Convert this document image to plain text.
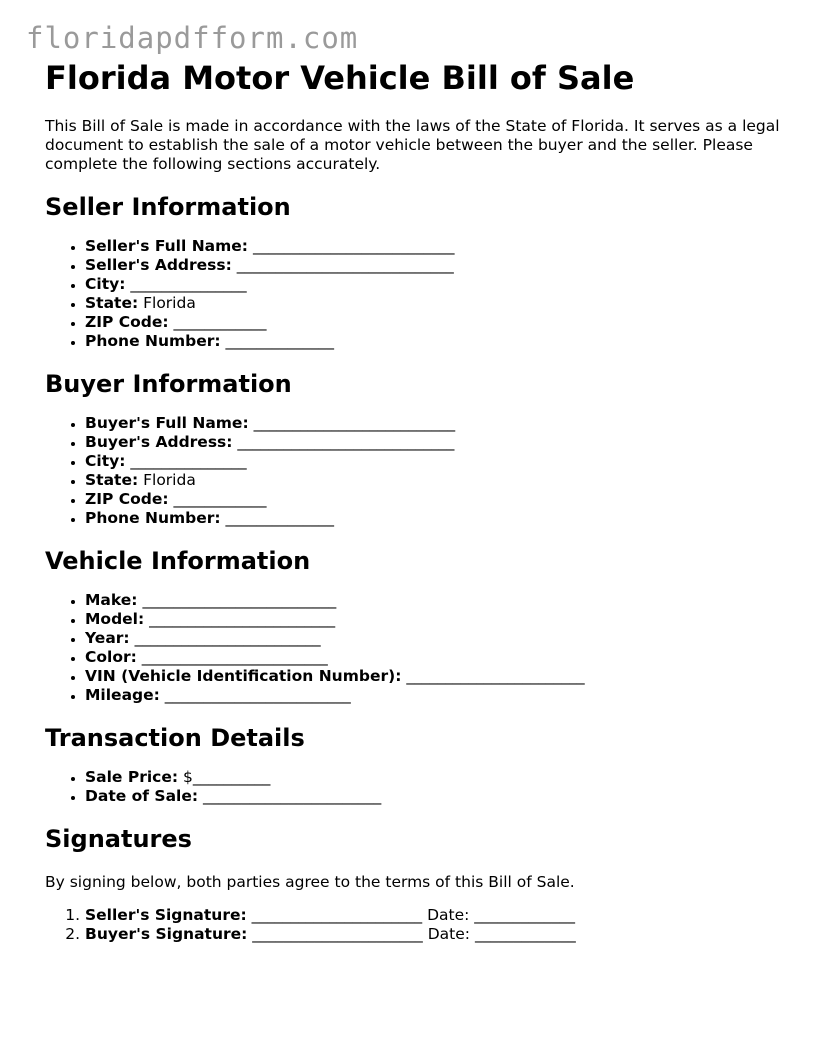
floridapdfform.com
Florida Motor Vehicle Bill of Sale

This Bill of Sale is made in accordance with the laws of the State of Florida. It serves as a legal document to establish the sale of a motor vehicle between the buyer and the seller. Please complete the following sections accurately.

Seller Information
• Seller's Full Name: __________________________
• Seller's Address: ____________________________
• City: _______________
• State: Florida
• ZIP Code: ____________
• Phone Number: ______________
Buyer Information
• Buyer's Full Name: __________________________
• Buyer's Address: ____________________________
• City: _______________
• State: Florida
• ZIP Code: ____________
• Phone Number: ______________
Vehicle Information
• Make: _________________________
• Model: ________________________
• Year: ________________________
• Color: ________________________
• VIN (Vehicle Identification Number): _______________________
• Mileage: ________________________
Transaction Details
• Sale Price: $__________
• Date of Sale: _______________________
Signatures

By signing below, both parties agree to the terms of this Bill of Sale.

1. Seller's Signature: ______________________ Date: _____________
2. Buyer's Signature: ______________________ Date: _____________
